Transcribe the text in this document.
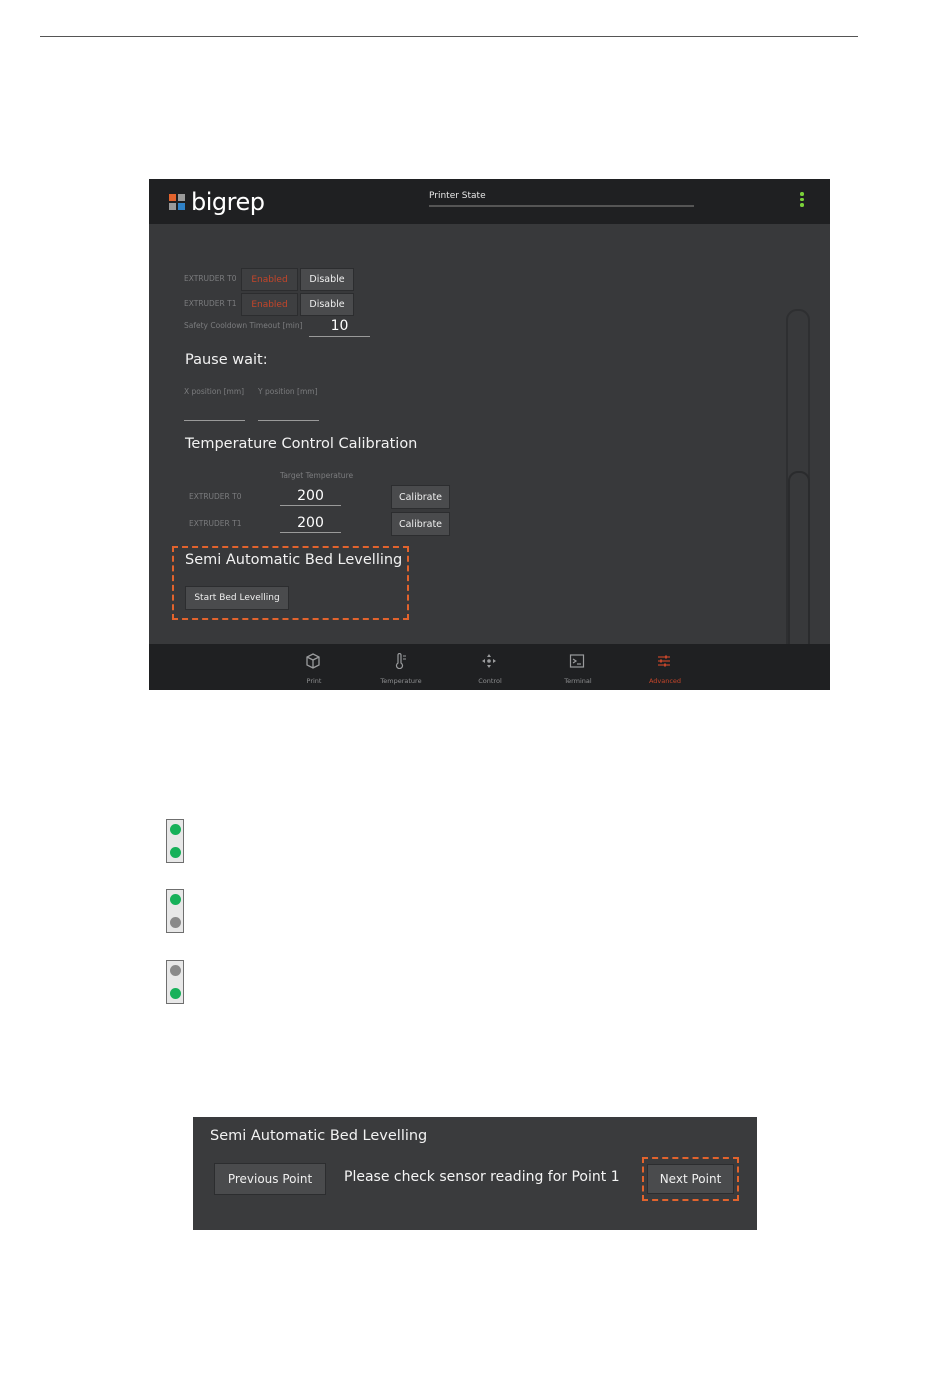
bigrep	Printer State
EXTRUDER T0	Enabled	Disable
EXTRUDER T1	Enabled	Disable
Safety Cooldown Timeout [min]	10
Pause wait:
X position [mm] Y position [mm]
Temperature Control Calibration
Target Temperature
EXTRUDER T0	200	Calibrate
EXTRUDER T1	200	Calibrate
Semi Automatic Bed Levelling
Start Bed Levelling
Print	Temperature	Control	Terminal	Advanced
Semi Automatic Bed Levelling
Previous Point	Please check sensor reading for Point 1	Next Point
